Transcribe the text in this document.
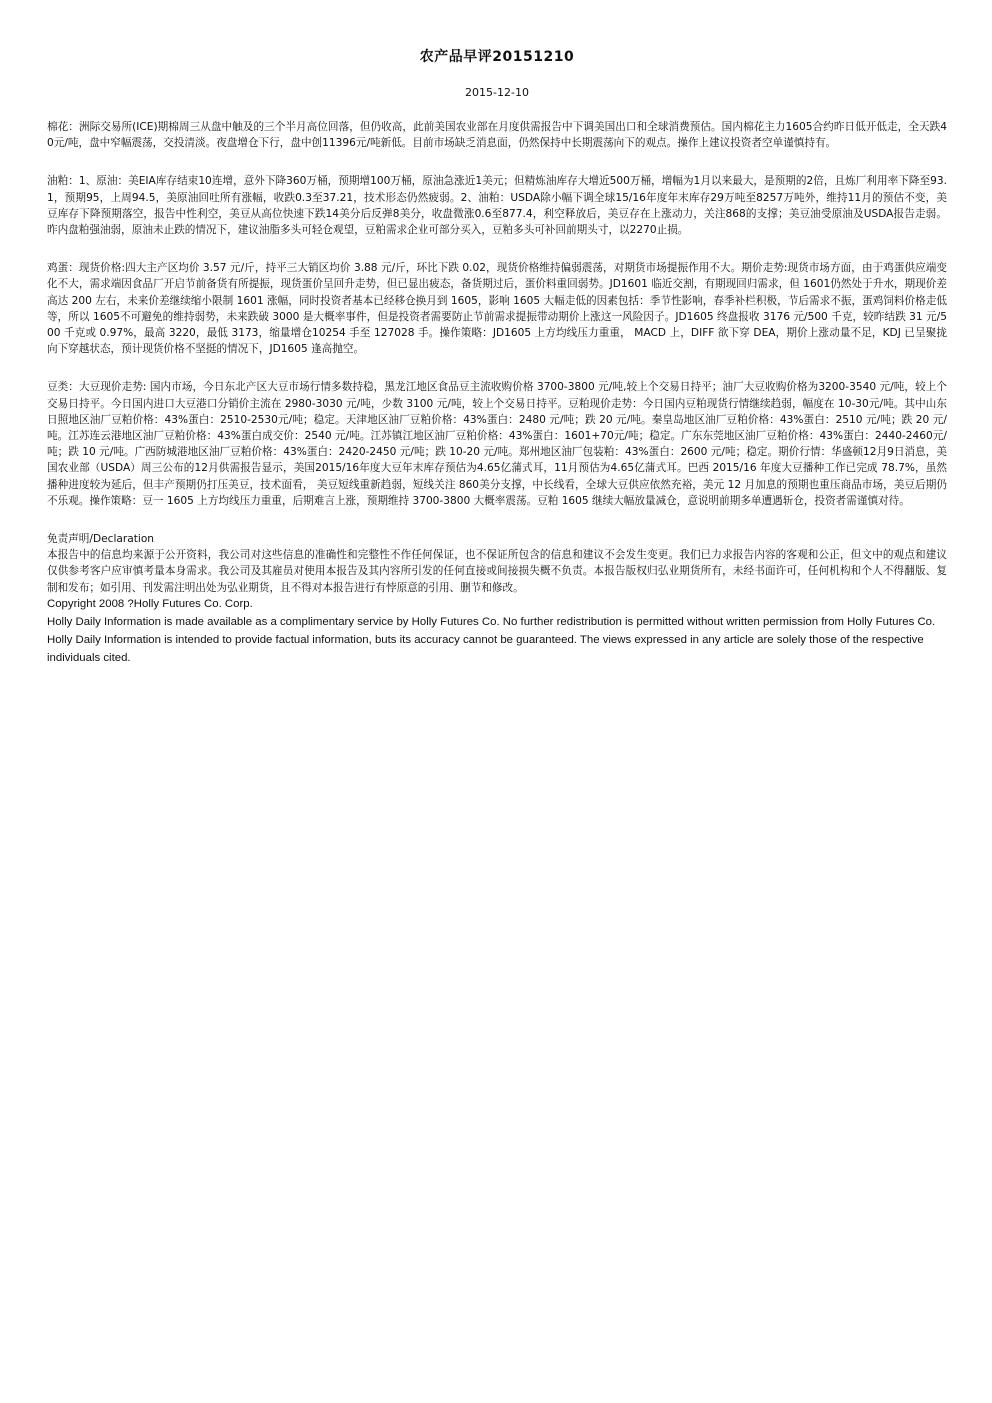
农产品早评20151210
2015-12-10
棉花：洲际交易所(ICE)期棉周三从盘中触及的三个半月高位回落，但仍收高，此前美国农业部在月度供需报告中下调美国出口和全球消费预估。国内棉花主力1605合约昨日低开低走，全天跌40元/吨，盘中窄幅震荡，交投清淡。夜盘增仓下行，盘中创11396元/吨新低。目前市场缺乏消息面，仍然保持中长期震荡向下的观点。操作上建议投资者空单谨慎持有。
油粕：1、原油：美EIA库存结束10连增，意外下降360万桶，预期增100万桶，原油急涨近1美元；但精炼油库存大增近500万桶，增幅为1月以来最大，是预期的2倍，且炼厂利用率下降至93.1，预期95，上周94.5，美原油回吐所有涨幅，收跌0.3至37.21，技术形态仍然疲弱。2、油粕：USDA除小幅下调全球15/16年度年末库存29万吨至8257万吨外，维持11月的预估不变，美豆库存下降预期落空，报告中性利空，美豆从高位快速下跌14美分后反弹8美分，收盘微涨0.6至877.4，利空释放后，美豆存在上涨动力，关注868的支撑；美豆油受原油及USDA报告走弱。昨内盘粕强油弱，原油未止跌的情况下，建议油脂多头可轻仓观望，豆粕需求企业可部分买入，豆粕多头可补回前期头寸，以2270止损。
鸡蛋：现货价格:四大主产区均价 3.57 元/斤，持平三大销区均价 3.88 元/斤，环比下跌 0.02，现货价格维持偏弱震荡，对期货市场提振作用不大。期价走势:现货市场方面，由于鸡蛋供应端变化不大，需求端因食品厂开启节前备货有所提振，现货蛋价呈回升走势，但已显出疲态，备货期过后，蛋价料重回弱势。JD1601 临近交割，有期现回归需求，但 1601仍然处于升水，期现价差高达 200 左右，未来价差继续缩小限制 1601 涨幅，同时投资者基本已经移仓换月到 1605，影响 1605 大幅走低的因素包括：季节性影响，春季补栏积极，节后需求不振，蛋鸡饲料价格走低等，所以 1605不可避免的维持弱势，未来跌破 3000 是大概率事件，但是投资者需要防止节前需求提振带动期价上涨这一风险因子。JD1605 终盘报收 3176 元/500 千克，较昨结跌 31 元/500 千克或 0.97%，最高 3220，最低 3173，缩量增仓10254 手至 127028 手。操作策略：JD1605 上方均线压力重重， MACD 上，DIFF 欲下穿 DEA，期价上涨动量不足，KDJ 已呈聚拢向下穿越状态，预计现货价格不坚挺的情况下，JD1605 逢高抛空。
豆类：大豆现价走势: 国内市场，今日东北产区大豆市场行情多数持稳，黑龙江地区食品豆主流收购价格 3700-3800 元/吨,较上个交易日持平；油厂大豆收购价格为3200-3540 元/吨，较上个交易日持平。今日国内进口大豆港口分销价主流在 2980-3030 元/吨，少数 3100 元/吨，较上个交易日持平。豆粕现价走势：今日国内豆粕现货行情继续趋弱，幅度在 10-30元/吨。其中山东日照地区油厂豆粕价格：43%蛋白：2510-2530元/吨；稳定。天津地区油厂豆粕价格：43%蛋白：2480 元/吨；跌 20 元/吨。秦皇岛地区油厂豆粕价格：43%蛋白：2510 元/吨；跌 20 元/吨。江苏连云港地区油厂豆粕价格：43%蛋白成交价：2540 元/吨。江苏镇江地区油厂豆粕价格：43%蛋白：1601+70元/吨；稳定。广东东莞地区油厂豆粕价格：43%蛋白：2440-2460元/吨；跌 10 元/吨。广西防城港地区油厂豆粕价格：43%蛋白：2420-2450 元/吨；跌 10-20 元/吨。郑州地区油厂包装粕：43%蛋白：2600 元/吨；稳定。期价行情：华盛顿12月9日消息，美国农业部（USDA）周三公布的12月供需报告显示，美国2015/16年度大豆年末库存预估为4.65亿蒲式耳，11月预估为4.65亿蒲式耳。巴西 2015/16 年度大豆播种工作已完成 78.7%，虽然播种进度较为延后，但丰产预期仍打压美豆，技术面看， 美豆短线重新趋弱，短线关注 860美分支撑，中长线看，全球大豆供应依然充裕，美元 12 月加息的预期也重压商品市场，美豆后期仍不乐观。操作策略：豆一 1605 上方均线压力重重，后期难言上涨，预期维持 3700-3800 大概率震荡。豆粕 1605 继续大幅放量减仓，意说明前期多单遭遇斩仓，投资者需谨慎对待。
免责声明/Declaration
本报告中的信息均来源于公开资料，我公司对这些信息的准确性和完整性不作任何保证，也不保证所包含的信息和建议不会发生变更。我们已力求报告内容的客观和公正，但文中的观点和建议仅供参考客户应审慎考量本身需求。我公司及其雇员对使用本报告及其内容所引发的任何直接或间接损失概不负责。本报告版权归弘业期货所有，未经书面许可，任何机构和个人不得翻版、复制和发布；如引用、刊发需注明出处为弘业期货，且不得对本报告进行有悖原意的引用、删节和修改。
Copyright 2008 ?Holly Futures Co. Corp.
Holly Daily Information is made available as a complimentary service by Holly Futures Co. No further redistribution is permitted without written permission from Holly Futures Co. Holly Daily Information is intended to provide factual information, buts its accuracy cannot be guaranteed. The views expressed in any article are solely those of the respective individuals cited.
